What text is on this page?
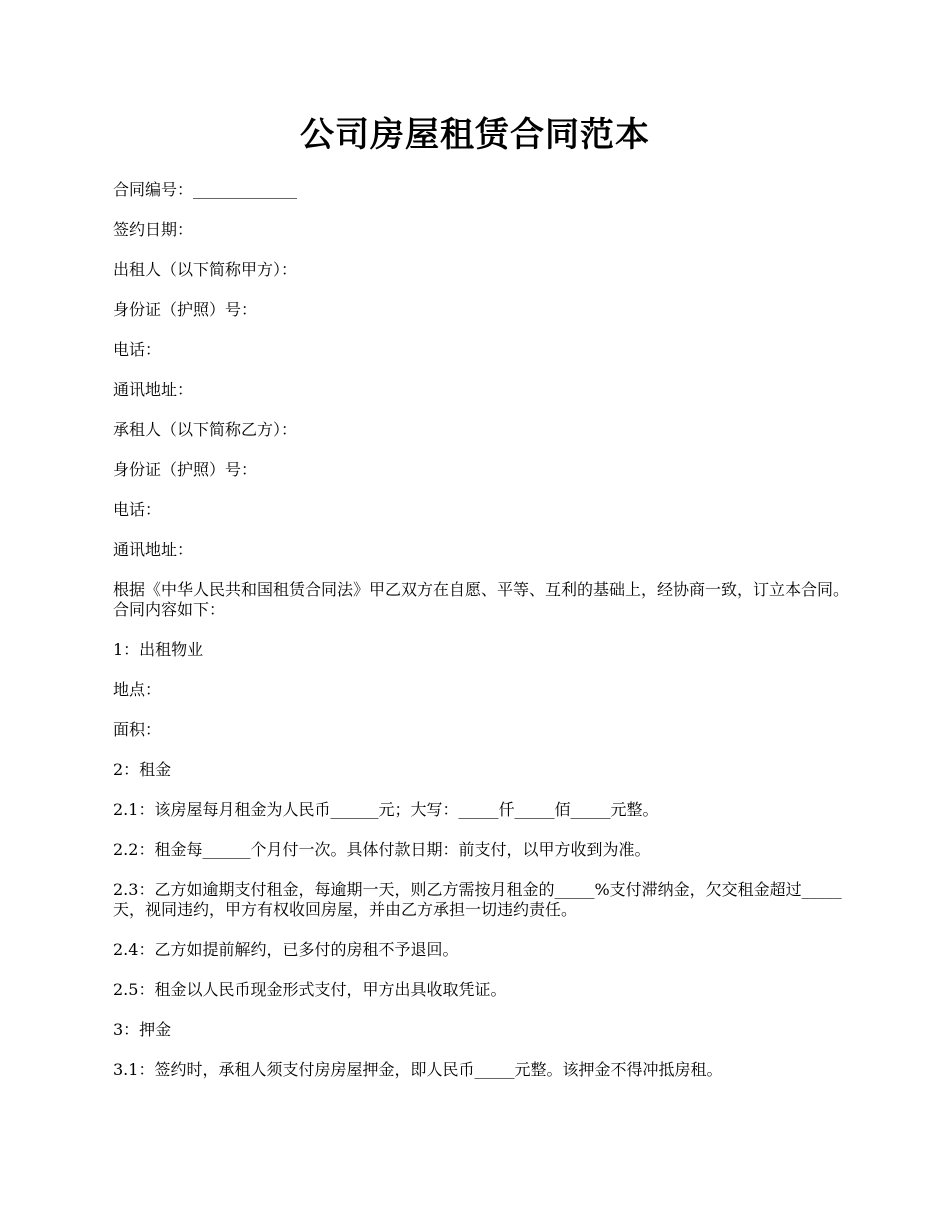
公司房屋租赁合同范本

合同编号：_____________

签约日期：

出租人（以下简称甲方）：

身份证（护照）号：

电话：

通讯地址：

承租人（以下简称乙方）：

身份证（护照）号：

电话：

通讯地址：

根据《中华人民共和国租赁合同法》甲乙双方在自愿、平等、互利的基础上，经协商一致，订立本合同。合同内容如下：

1：出租物业

地点：

面积：

2：租金

2.1：该房屋每月租金为人民币______元；大写：_____仟_____佰_____元整。

2.2：租金每______个月付一次。具体付款日期：前支付，以甲方收到为准。

2.3：乙方如逾期支付租金，每逾期一天，则乙方需按月租金的_____%支付滞纳金，欠交租金超过_____天，视同违约，甲方有权收回房屋，并由乙方承担一切违约责任。

2.4：乙方如提前解约，已多付的房租不予退回。

2.5：租金以人民币现金形式支付，甲方出具收取凭证。

3：押金

3.1：签约时，承租人须支付房房屋押金，即人民币_____元整。该押金不得冲抵房租。
